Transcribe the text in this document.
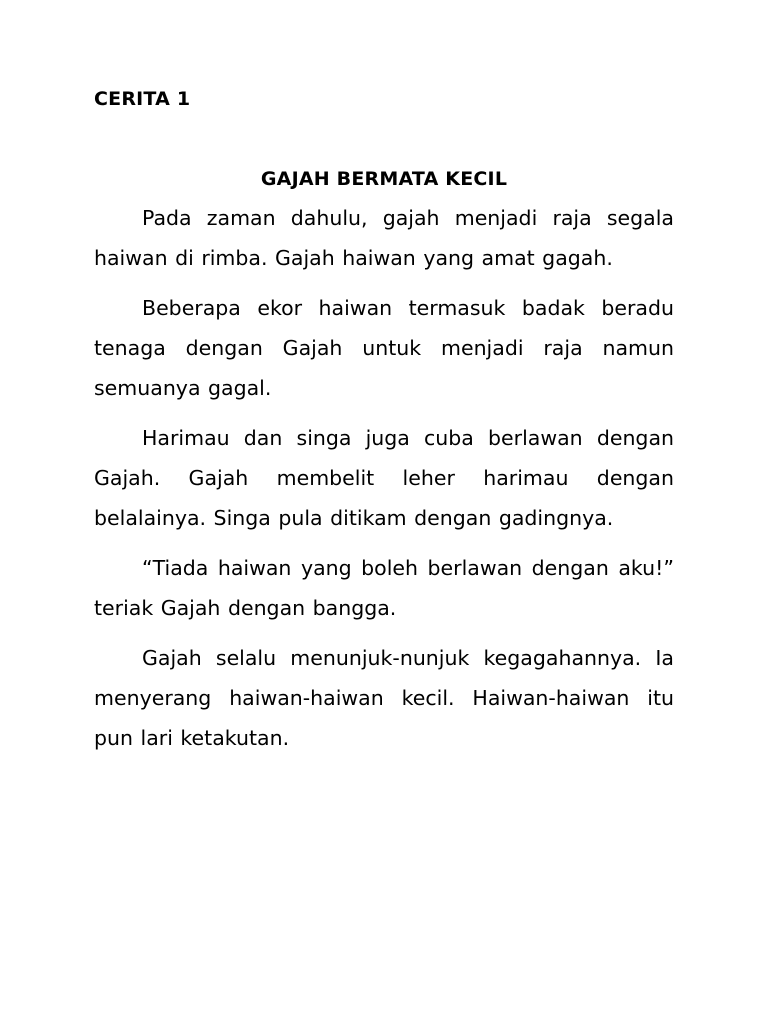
CERITA 1
GAJAH BERMATA KECIL

Pada zaman dahulu, gajah menjadi raja segala haiwan di rimba. Gajah haiwan yang amat gagah.

Beberapa ekor haiwan termasuk badak beradu tenaga dengan Gajah untuk menjadi raja namun semuanya gagal.

Harimau dan singa juga cuba berlawan dengan Gajah. Gajah membelit leher harimau dengan belalainya. Singa pula ditikam dengan gadingnya.

“Tiada haiwan yang boleh berlawan dengan aku!” teriak Gajah dengan bangga.

Gajah selalu menunjuk-nunjuk kegagahannya. Ia menyerang haiwan-haiwan kecil. Haiwan-haiwan itu pun lari ketakutan.
